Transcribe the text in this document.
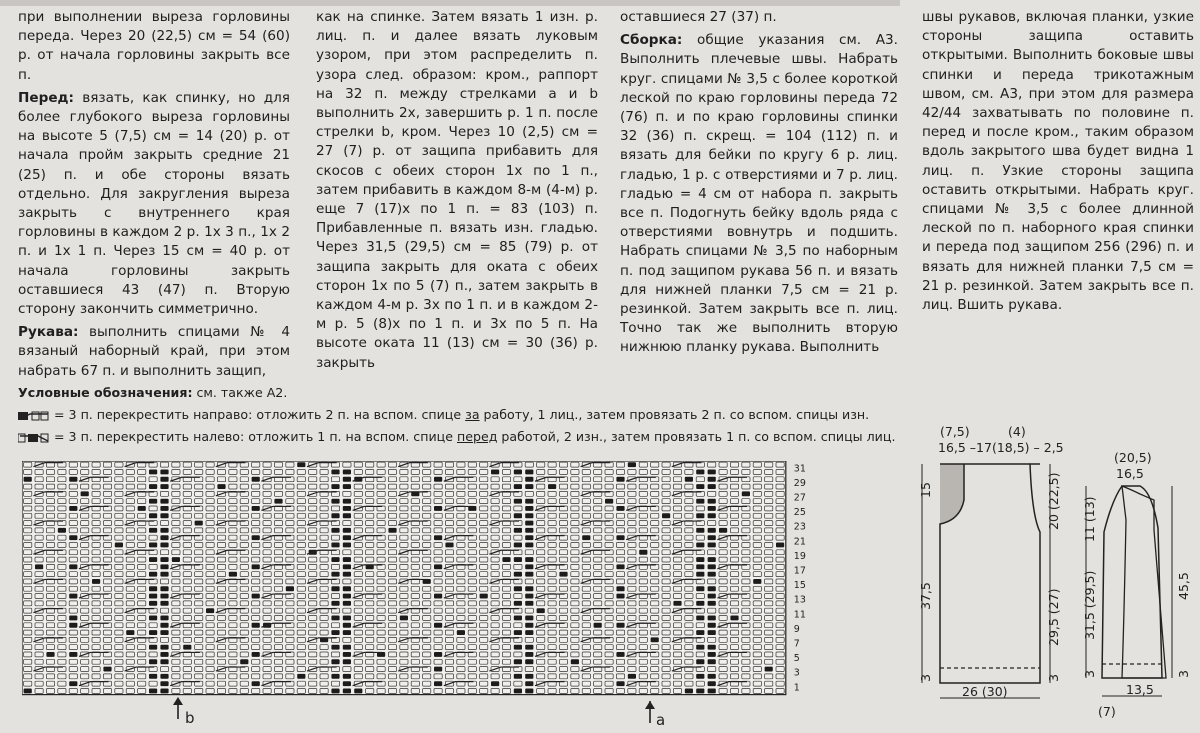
при выполнении выреза горловины переда. Через 20 (22,5) см = 54 (60) р. от начала горловины закрыть все п.

Перед: вязать, как спинку, но для более глубокого выреза горловины на высоте 5 (7,5) см = 14 (20) р. от начала пройм закрыть средние 21 (25) п. и обе стороны вязать отдельно. Для закругления выреза закрыть с внутреннего края горловины в каждом 2 р. 1х 3 п., 1х 2 п. и 1х 1 п. Через 15 см = 40 р. от начала горловины закрыть оставшиеся 43 (47) п. Вторую сторону закончить симметрично.

Рукава: выполнить спицами № 4 вязаный наборный край, при этом набрать 67 п. и выполнить защип,

как на спинке. Затем вязать 1 изн. р. лиц. п. и далее вязать луковым узором, при этом распределить п. узора след. образом: кром., раппорт на 32 п. между стрелками a и b выполнить 2х, завершить р. 1 п. после стрелки b, кром. Через 10 (2,5) см = 27 (7) р. от защипа прибавить для скосов с обеих сторон 1х по 1 п., затем прибавить в каждом 8-м (4-м) р. еще 7 (17)х по 1 п. = 83 (103) п. Прибавленные п. вязать изн. гладью. Через 31,5 (29,5) см = 85 (79) р. от защипа закрыть для оката с обеих сторон 1х по 5 (7) п., затем закрыть в каждом 4-м р. 3х по 1 п. и в каждом 2-м р. 5 (8)х по 1 п. и 3х по 5 п. На высоте оката 11 (13) см = 30 (36) р. закрыть

оставшиеся 27 (37) п.

Сборка: общие указания см. А3. Выполнить плечевые швы. Набрать круг. спицами № 3,5 с более короткой леской по краю горловины переда 72 (76) п. и по краю горловины спинки 32 (36) п. скрещ. = 104 (112) п. и вязать для бейки по кругу 6 р. лиц. гладью, 1 р. с отверстиями и 7 р. лиц. гладью = 4 см от набора п. закрыть все п. Подогнуть бейку вдоль ряда с отверстиями вовнутрь и подшить. Набрать спицами № 3,5 по наборным п. под защипом рукава 56 п. и вязать для нижней планки 7,5 см = 21 р. резинкой. Затем закрыть все п. лиц. Точно так же выполнить вторую нижнюю планку рукава. Выполнить

швы рукавов, включая планки, узкие стороны защипа оставить открытыми. Выполнить боковые швы спинки и переда трикотажным швом, см. А3, при этом для размера 42/44 захватывать по половине п. перед и после кром., таким образом вдоль закрытого шва будет видна 1 лиц. п. Узкие стороны защипа оставить открытыми. Набрать круг. спицами № 3,5 с более длинной леской по п. наборного края спинки и переда под защипом 256 (296) п. и вязать для нижней планки 7,5 см = 21 р. резинкой. Затем закрыть все п. лиц. Вшить рукава.

Условные обозначения: см. также А2.
= 3 п. перекрестить направо: отложить 2 п. на вспом. спице за работу, 1 лиц., затем провязать 2 п. со вспом. спицы изн.
= 3 п. перекрестить налево: отложить 1 п. на вспом. спице перед работой, 2 изн., затем провязать 1 п. со вспом. спицы лиц.
31
29
27
25
23
21
19
17
15
13
11
9
7
5
3
1
b	a
(7,5)	(4)
16,5 –17(18,5) – 2,5
15
37,5
3
20 (22,5)
29,5 (27)
3
26 (30)
(20,5)
16,5
11 (13)
31,5 (29,5)
3
45,5
3
13,5
(7)
